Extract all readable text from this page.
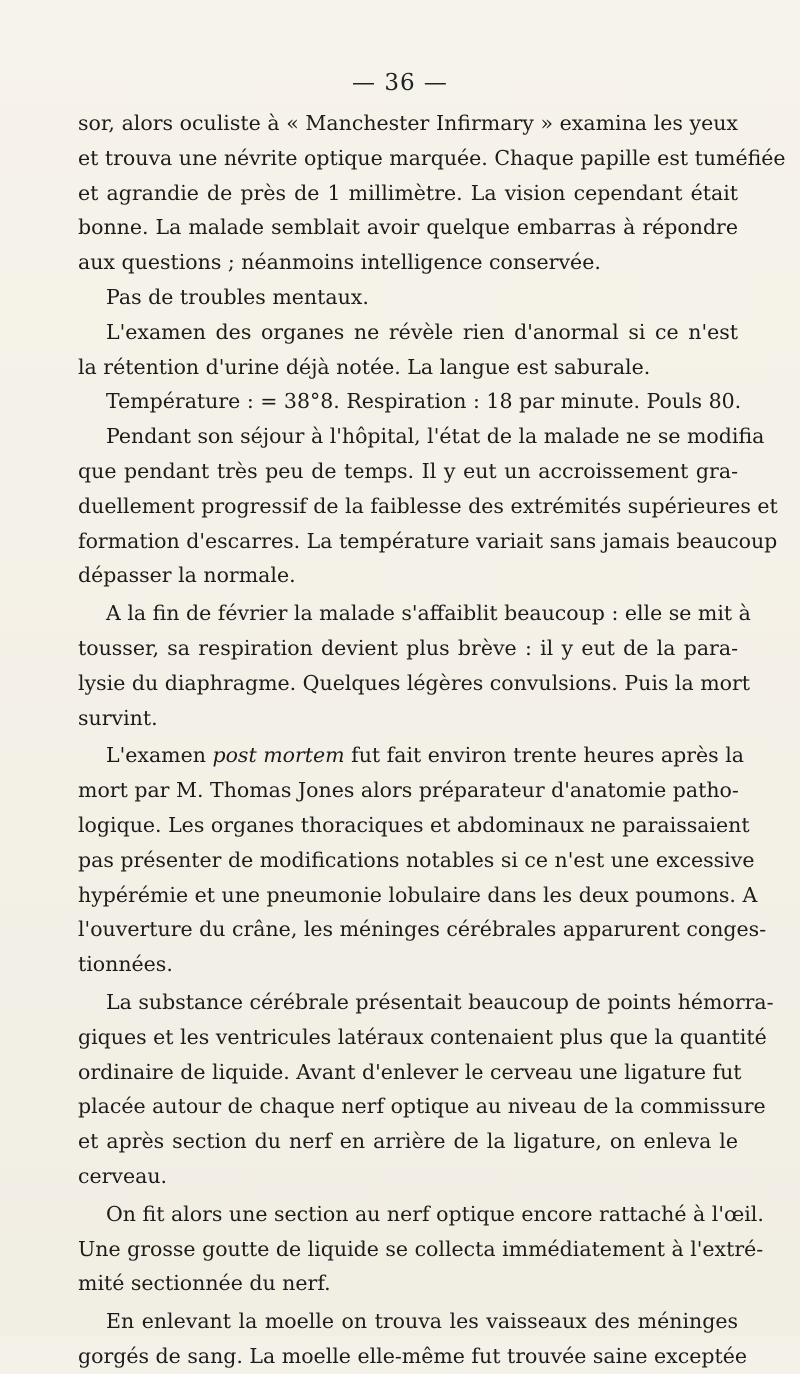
— 36 —
sor, alors oculiste à « Manchester Infirmary » examina les yeux
et trouva une névrite optique marquée. Chaque papille est tuméfiée
et agrandie de près de 1 millimètre. La vision cependant était
bonne. La malade semblait avoir quelque embarras à répondre
aux questions ; néanmoins intelligence conservée.
Pas de troubles mentaux.
L'examen des organes ne révèle rien d'anormal si ce n'est
la rétention d'urine déjà notée. La langue est saburale.
Température : = 38°8. Respiration : 18 par minute. Pouls 80.
Pendant son séjour à l'hôpital, l'état de la malade ne se modifia
que pendant très peu de temps. Il y eut un accroissement gra-
duellement progressif de la faiblesse des extrémités supérieures et
formation d'escarres. La température variait sans jamais beaucoup
dépasser la normale.
A la fin de février la malade s'affaiblit beaucoup : elle se mit à
tousser, sa respiration devient plus brève : il y eut de la para-
lysie du diaphragme. Quelques légères convulsions. Puis la mort
survint.
L'examen post mortem fut fait environ trente heures après la
mort par M. Thomas Jones alors préparateur d'anatomie patho-
logique. Les organes thoraciques et abdominaux ne paraissaient
pas présenter de modifications notables si ce n'est une excessive
hypérémie et une pneumonie lobulaire dans les deux poumons. A
l'ouverture du crâne, les méninges cérébrales apparurent conges-
tionnées.
La substance cérébrale présentait beaucoup de points hémorra-
giques et les ventricules latéraux contenaient plus que la quantité
ordinaire de liquide. Avant d'enlever le cerveau une ligature fut
placée autour de chaque nerf optique au niveau de la commissure
et après section du nerf en arrière de la ligature, on enleva le
cerveau.
On fit alors une section au nerf optique encore rattaché à l'œil.
Une grosse goutte de liquide se collecta immédiatement à l'extré-
mité sectionnée du nerf.
En enlevant la moelle on trouva les vaisseaux des méninges
gorgés de sang. La moelle elle-même fut trouvée saine exceptée
